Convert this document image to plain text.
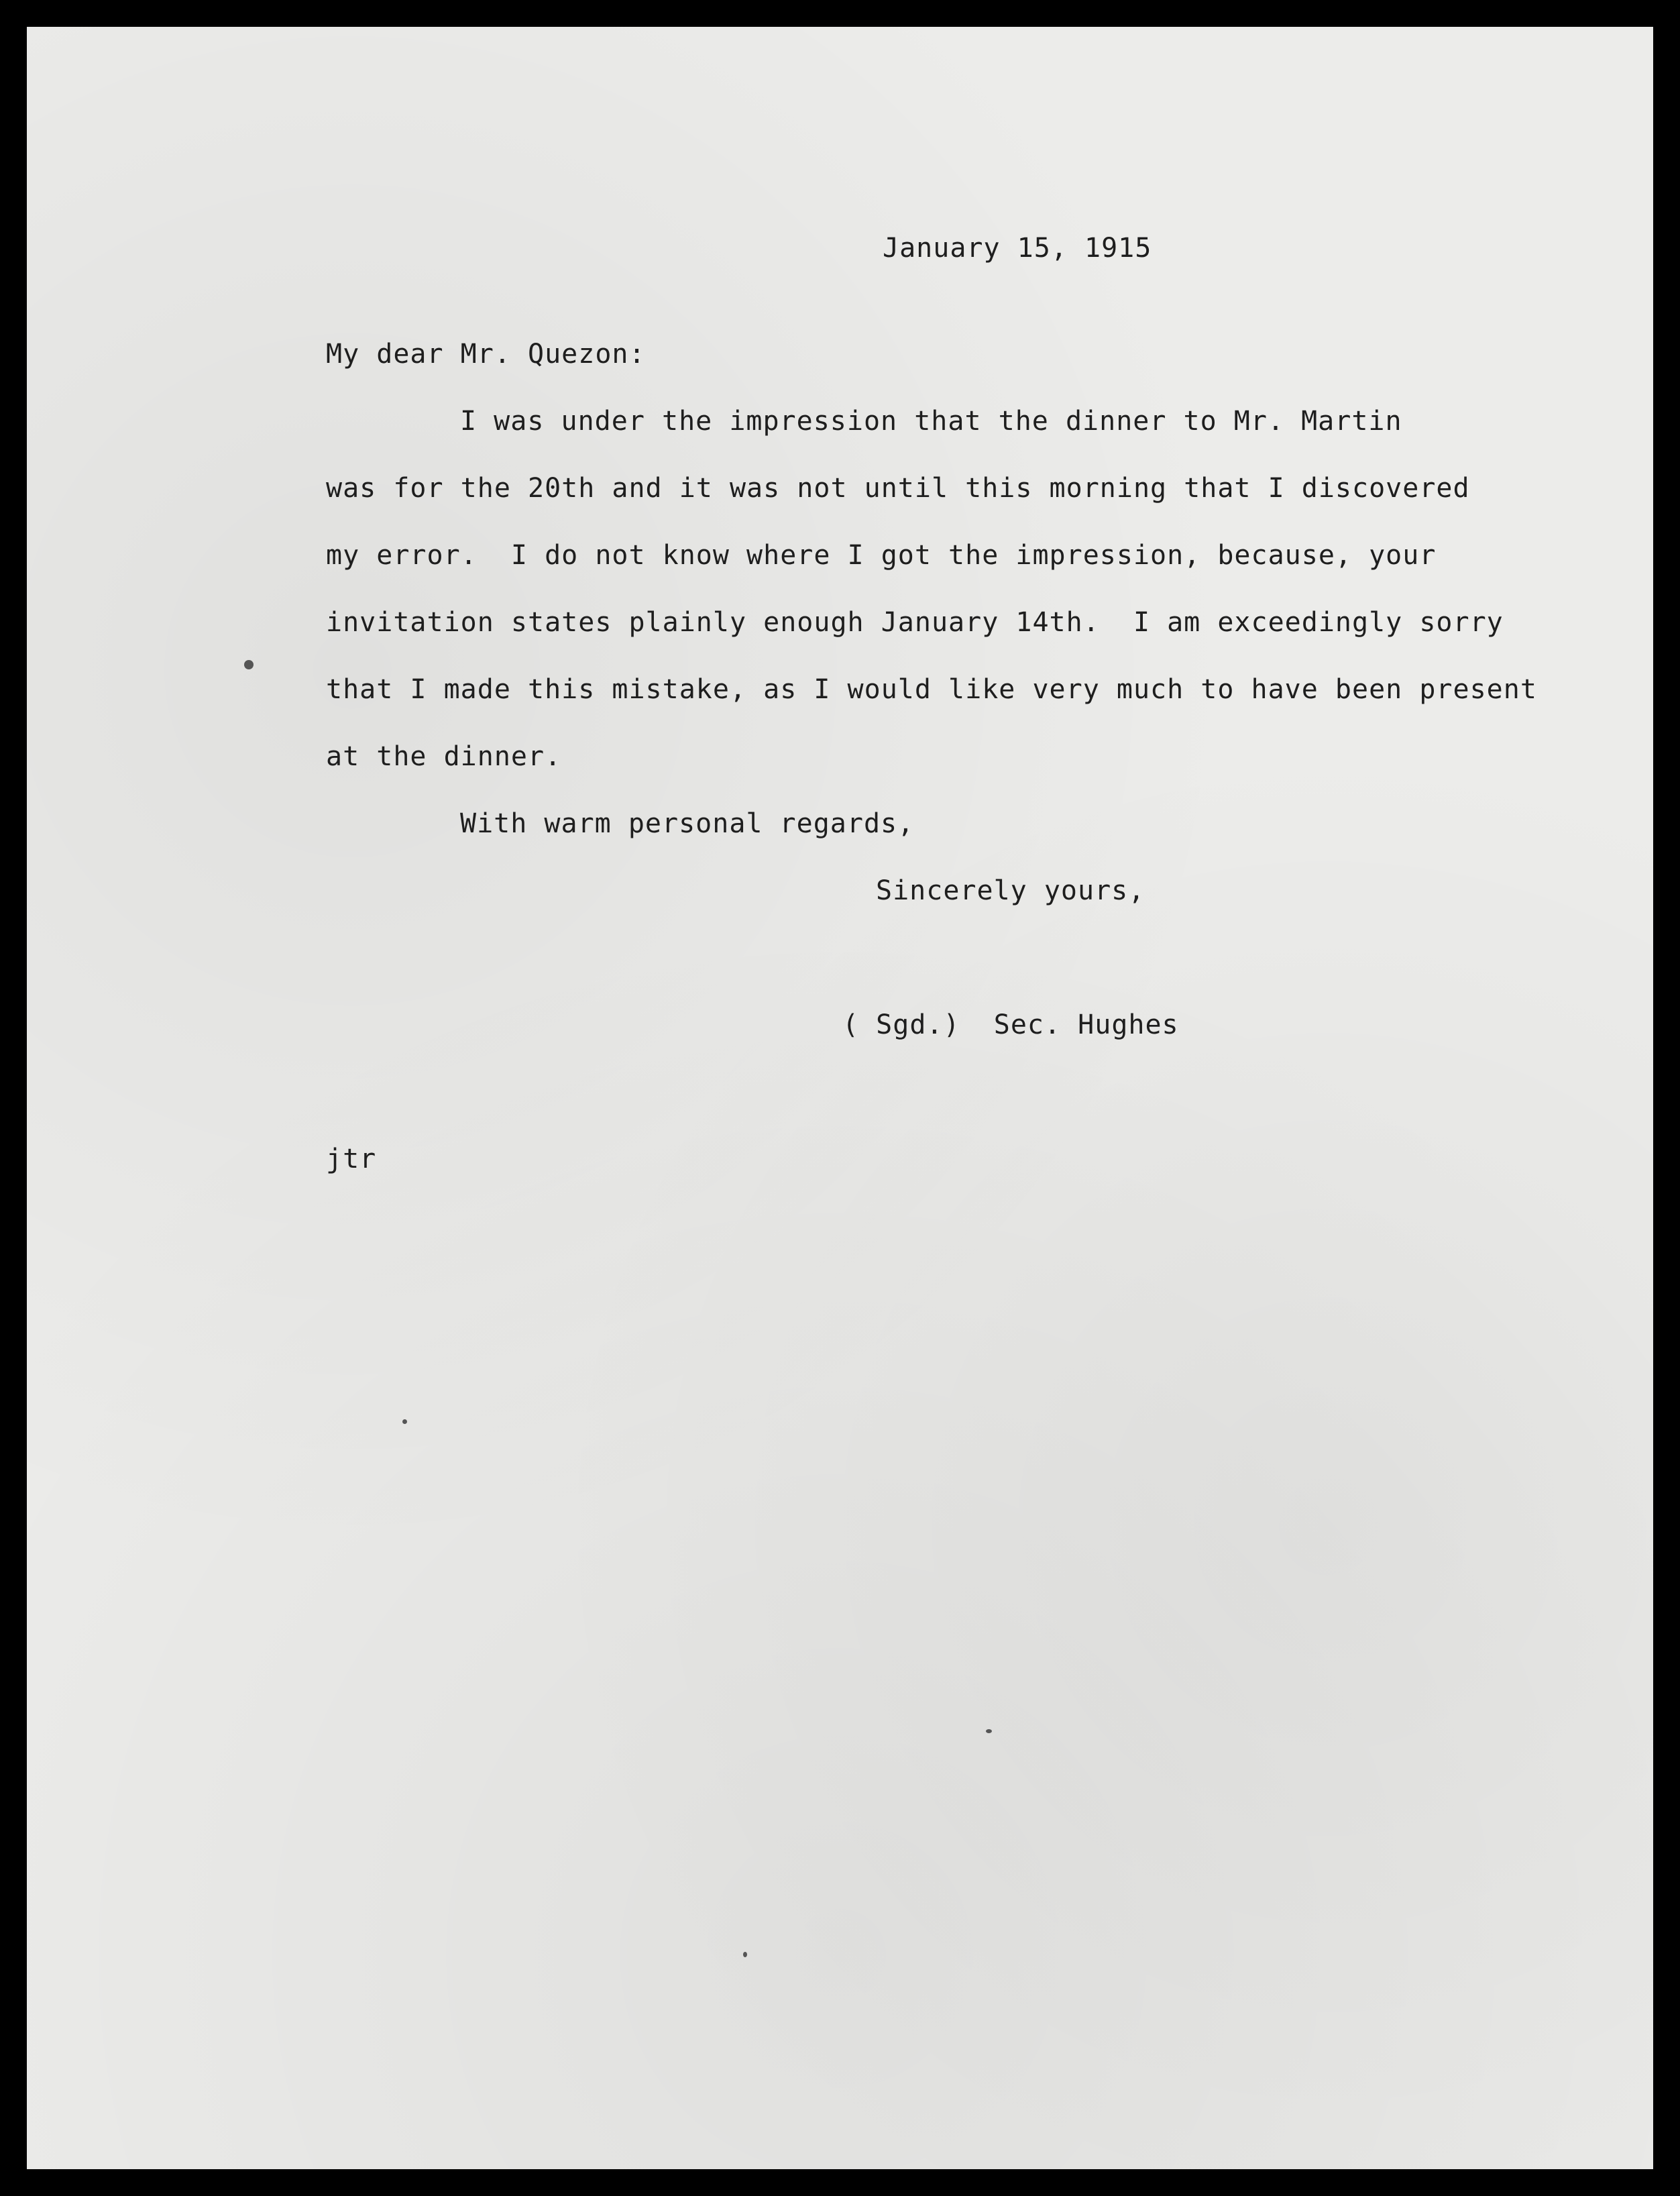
January 15, 1915
My dear Mr. Quezon:
I was under the impression that the dinner to Mr. Martin
was for the 20th and it was not until this morning that I discovered
my error.  I do not know where I got the impression, because, your
invitation states plainly enough January 14th.  I am exceedingly sorry
that I made this mistake, as I would like very much to have been present
at the dinner.
With warm personal regards,
Sincerely yours,
( Sgd.)  Sec. Hughes
jtr
